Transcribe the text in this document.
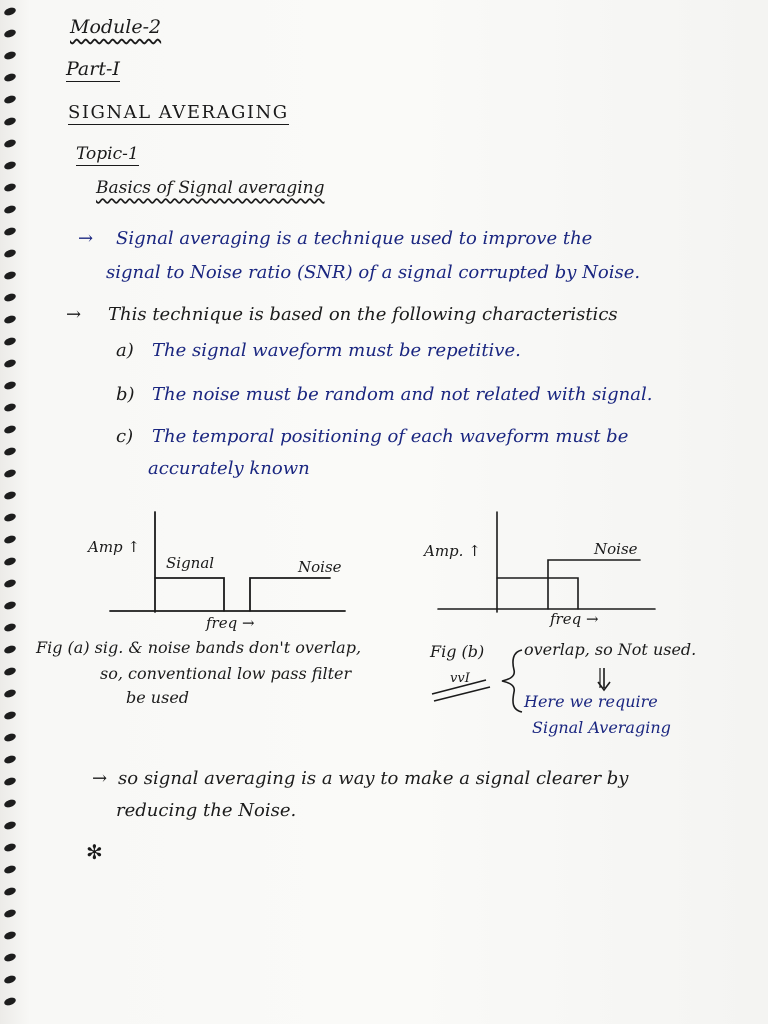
Module-2
Part-I
SIGNAL AVERAGING
Topic-1
Basics of Signal averaging
→ Signal averaging is a technique used to improve the
signal to Noise ratio (SNR) of a signal corrupted by Noise.
→ This technique is based on the following characteristics
a) The signal waveform must be repetitive.
b) The noise must be random and not related with signal.
c) The temporal positioning of each waveform must be
accurately known
Amp ↑
Signal	Noise
freq →
Amp. ↑	Noise
freq →
Fig (a) sig. & noise bands don't overlap,
so, conventional low pass filter
be used
Fig (b) overlap, so Not used.
vvI
Here we require
Signal Averaging
→ so signal averaging is a way to make a signal clearer by
reducing the Noise.
✻
